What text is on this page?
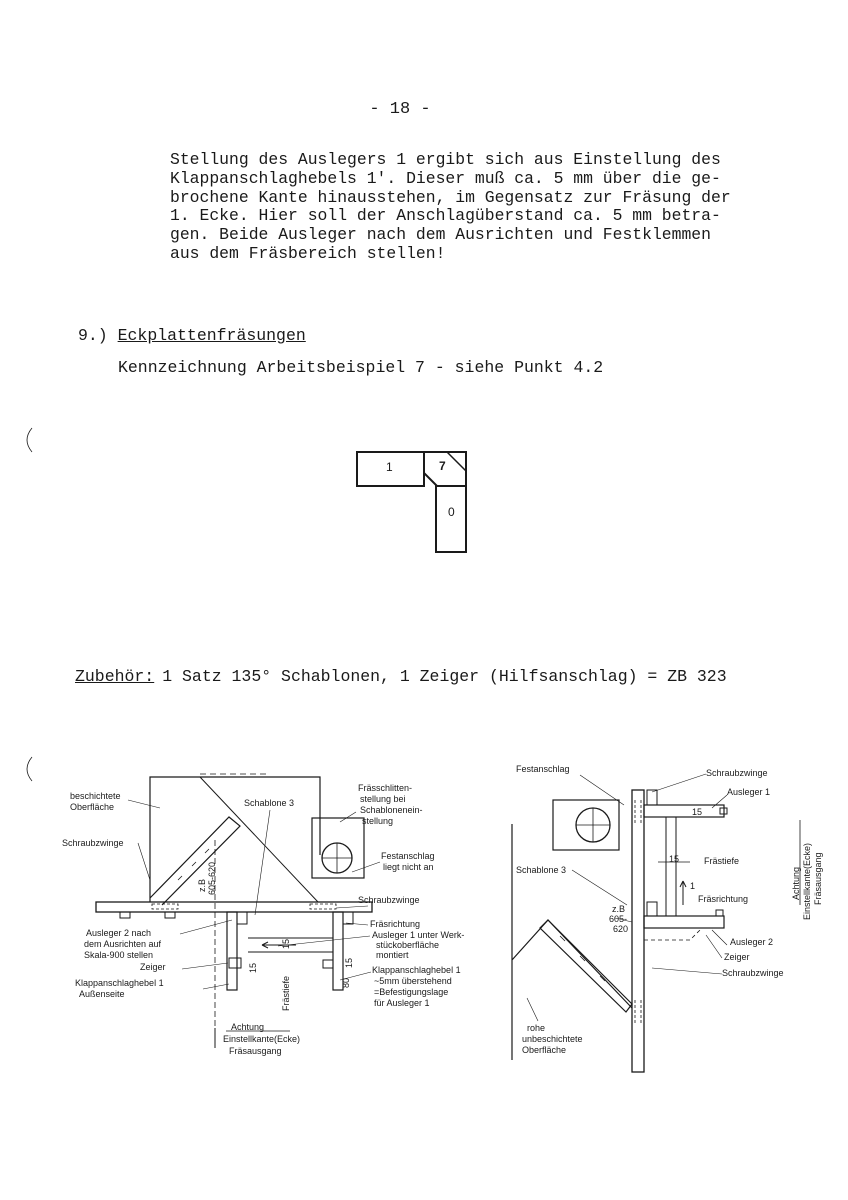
- 18 -

Stellung des Auslegers 1 ergibt sich aus Einstellung des
Klappanschlaghebels 1'. Dieser muß ca. 5 mm über die ge-
brochene Kante hinausstehen, im Gegensatz zur Fräsung der
1. Ecke. Hier soll der Anschlagüberstand ca. 5 mm betra-
gen. Beide Ausleger nach dem Ausrichten und Festklemmen
aus dem Fräsbereich stellen!

9.) Eckplattenfräsungen
Kennzeichnung Arbeitsbeispiel 7 - siehe Punkt 4.2
Zubehör: 1 Satz 135° Schablonen, 1 Zeiger (Hilfsanschlag) = ZB 323
1	7
0
beschichtete
Oberfläche	Schablone 3
Frässchlitten-
stellung bei
Schablonenein-
stellung
Schraubzwinge
Festanschlag
liegt nicht an
z.B 605-620
Schraubzwinge
Fräsrichtung
Ausleger 1 unter Werk-
stückoberfläche
montiert
Ausleger 2 nach
dem Ausrichten auf
Skala-900 stellen
Zeiger
Klappanschlaghebel 1
Außenseite
Klappanschlaghebel 1
~5mm überstehend
=Befestigungslage
für Ausleger 1
15
15	15
80
Frästiefe
Achtung
Einstellkante(Ecke)
Fräsausgang
Festanschlag	Schraubzwinge
Ausleger 1
15
15	Frästiefe
Schablone 3
1
Fräsrichtung
z.B
605-
620
Ausleger 2
Zeiger
Schraubzwinge
rohe
unbeschichtete
Oberfläche
Achtung Einstellkante(Ecke) Fräsausgang
